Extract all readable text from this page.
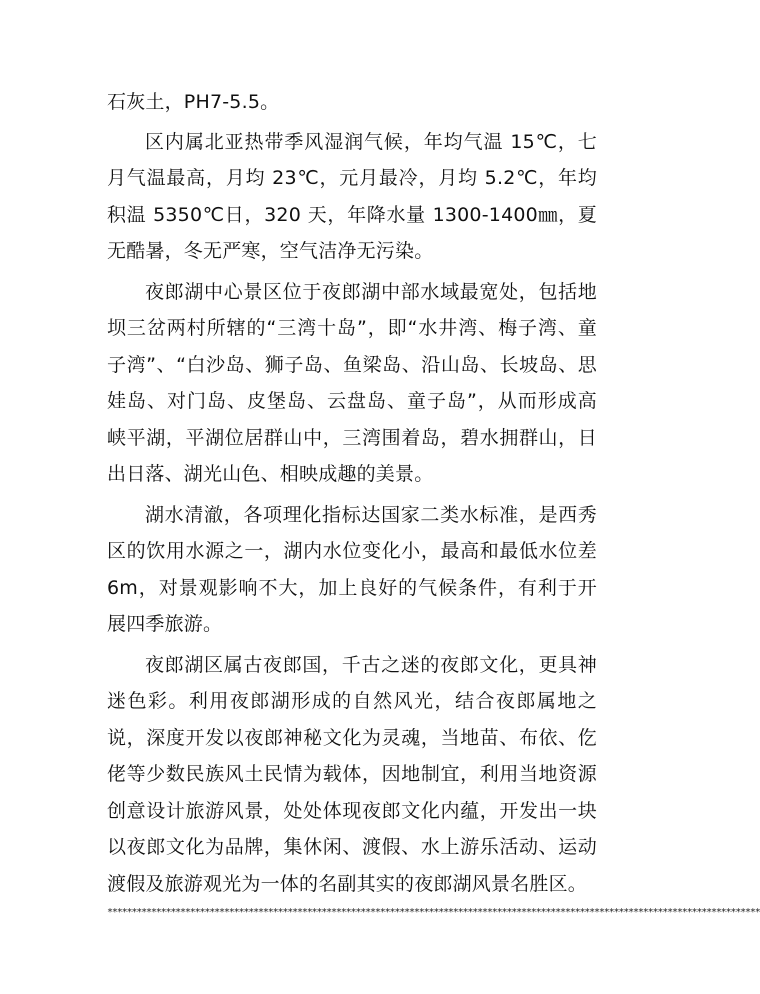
石灰土，PH7-5.5。

区内属北亚热带季风湿润气候，年均气温 15℃，七月气温最高，月均 23℃，元月最冷，月均 5.2℃，年均积温 5350℃日，320 天，年降水量 1300-1400㎜，夏无酷暑，冬无严寒，空气洁净无污染。

夜郎湖中心景区位于夜郎湖中部水域最宽处，包括地坝三岔两村所辖的“三湾十岛”，即“水井湾、梅子湾、童子湾”、“白沙岛、狮子岛、鱼梁岛、沿山岛、长坡岛、思娃岛、对门岛、皮堡岛、云盘岛、童子岛”，从而形成高峡平湖，平湖位居群山中，三湾围着岛，碧水拥群山，日出日落、湖光山色、相映成趣的美景。

湖水清澈，各项理化指标达国家二类水标准，是西秀区的饮用水源之一，湖内水位变化小，最高和最低水位差 6m，对景观影响不大，加上良好的气候条件，有利于开展四季旅游。

夜郎湖区属古夜郎国，千古之迷的夜郎文化，更具神迷色彩。利用夜郎湖形成的自然风光，结合夜郎属地之说，深度开发以夜郎神秘文化为灵魂，当地苗、布依、仡佬等少数民族风土民情为载体，因地制宜，利用当地资源创意设计旅游风景，处处体现夜郎文化内蕴，开发出一块以夜郎文化为品牌，集休闲、渡假、水上游乐活动、运动渡假及旅游观光为一体的名副其实的夜郎湖风景名胜区。

**************************************************************************************************************************************
